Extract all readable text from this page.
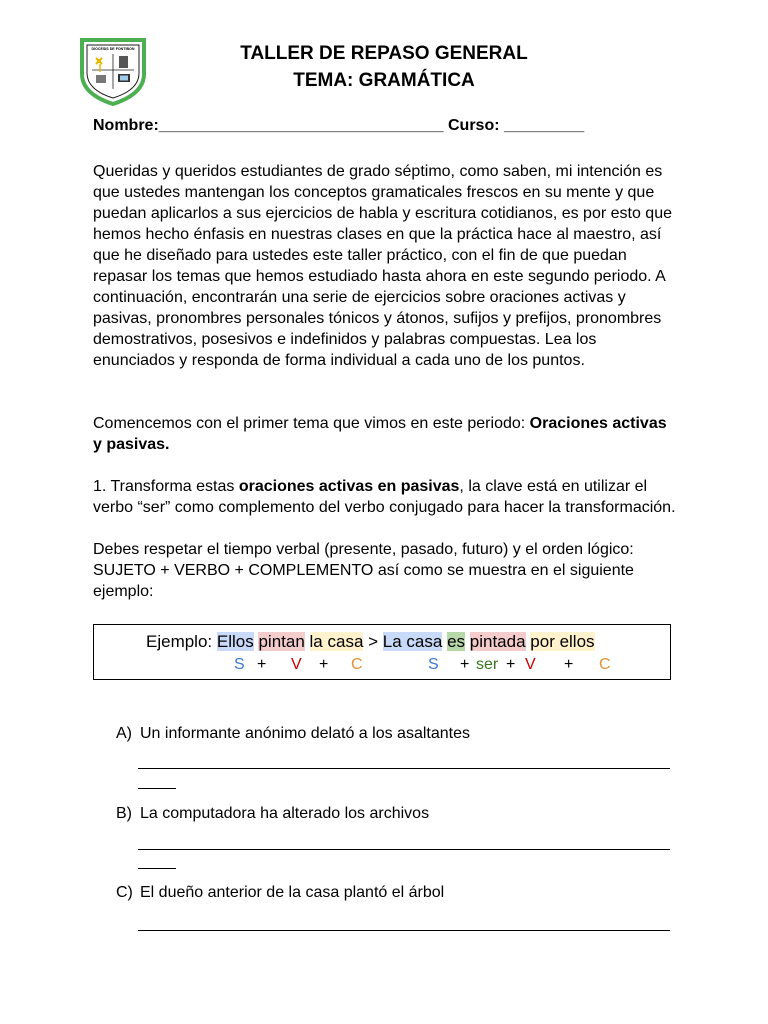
DIOCESIS DE FONTIBON	TALLER DE REPASO GENERAL
TEMA: GRAMÁTICA
Nombre:________________________________ Curso: _________

Queridas y queridos estudiantes de grado séptimo, como saben, mi intención es que ustedes mantengan los conceptos gramaticales frescos en su mente y que puedan aplicarlos a sus ejercicios de habla y escritura cotidianos, es por esto que hemos hecho énfasis en nuestras clases en que la práctica hace al maestro, así que he diseñado para ustedes este taller práctico, con el fin de que puedan repasar los temas que hemos estudiado hasta ahora en este segundo periodo. A continuación, encontrarán una serie de ejercicios sobre oraciones activas y pasivas, pronombres personales tónicos y átonos, sufijos y prefijos, pronombres demostrativos, posesivos e indefinidos y palabras compuestas. Lea los enunciados y responda de forma individual a cada uno de los puntos.

Comencemos con el primer tema que vimos en este periodo: Oraciones activas y pasivas.

1. Transforma estas oraciones activas en pasivas, la clave está en utilizar el verbo “ser” como complemento del verbo conjugado para hacer la transformación.

Debes respetar el tiempo verbal (presente, pasado, futuro) y el orden lógico: SUJETO + VERBO + COMPLEMENTO así como se muestra en el siguiente ejemplo:

Ejemplo: Ellos pintan la casa > La casa es pintada por ellos
S + V + C	S + ser + V + C
A) Un informante anónimo delató a los asaltantes
B) La computadora ha alterado los archivos
C) El dueño anterior de la casa plantó el árbol
